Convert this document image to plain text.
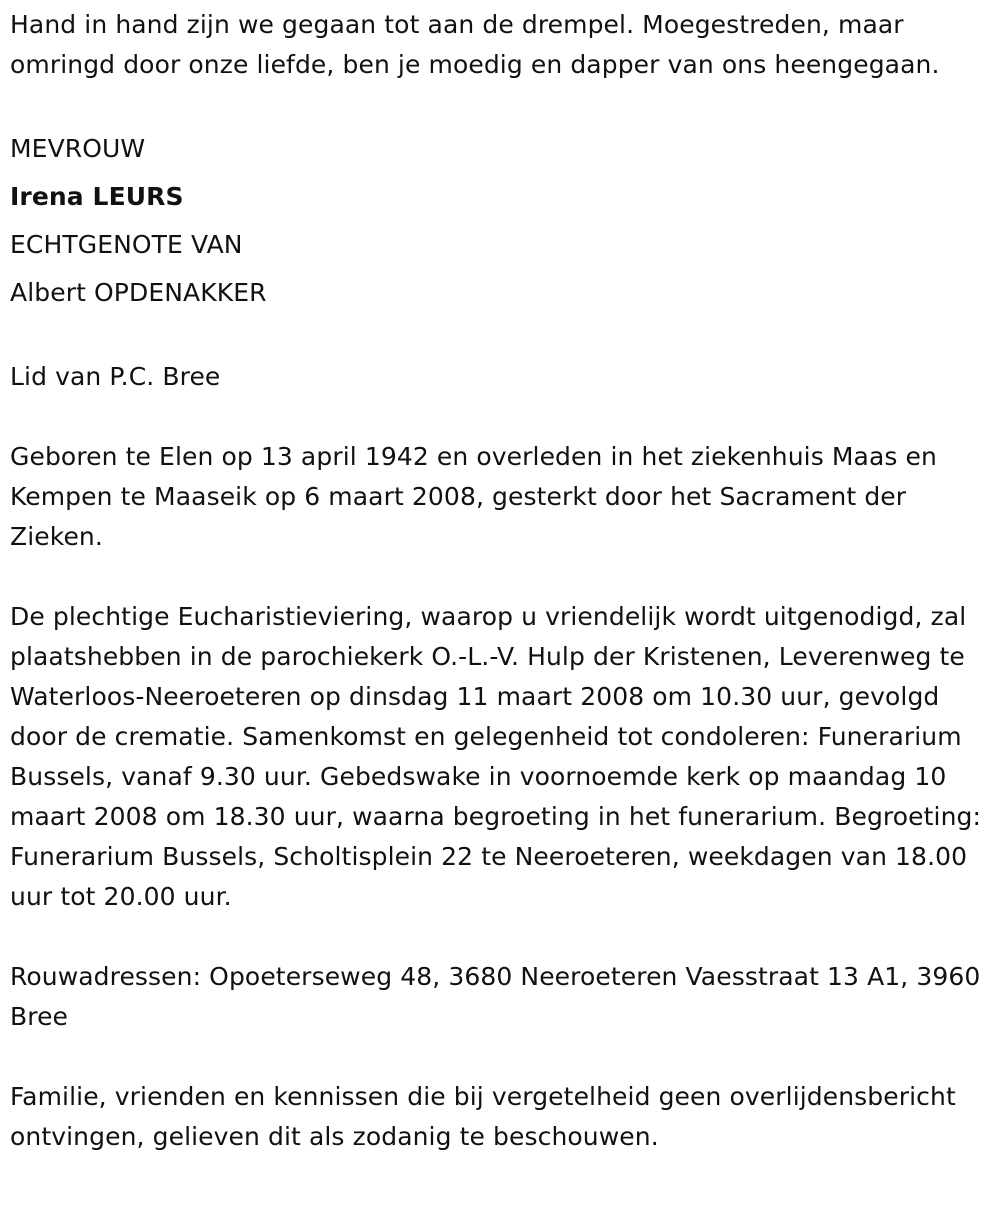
Hand in hand zijn we gegaan tot aan de drempel. Moegestreden, maar omringd door onze liefde, ben je moedig en dapper van ons heengegaan.

MEVROUW

Irena LEURS

ECHTGENOTE VAN

Albert OPDENAKKER

Lid van P.C. Bree

Geboren te Elen op 13 april 1942 en overleden in het ziekenhuis Maas en Kempen te Maaseik op 6 maart 2008, gesterkt door het Sacrament der Zieken.

De plechtige Eucharistieviering, waarop u vriendelijk wordt uitgenodigd, zal plaatshebben in de parochiekerk O.-L.-V. Hulp der Kristenen, Leverenweg te Waterloos-Neeroeteren op dinsdag 11 maart 2008 om 10.30 uur, gevolgd door de crematie. Samenkomst en gelegenheid tot condoleren: Funerarium Bussels, vanaf 9.30 uur. Gebedswake in voornoemde kerk op maandag 10 maart 2008 om 18.30 uur, waarna begroeting in het funerarium. Begroeting: Funerarium Bussels, Scholtisplein 22 te Neeroeteren, weekdagen van 18.00 uur tot 20.00 uur.

Rouwadressen: Opoeterseweg 48, 3680 Neeroeteren Vaesstraat 13 A1, 3960 Bree

Familie, vrienden en kennissen die bij vergetelheid geen overlijdensbericht ontvingen, gelieven dit als zodanig te beschouwen.
